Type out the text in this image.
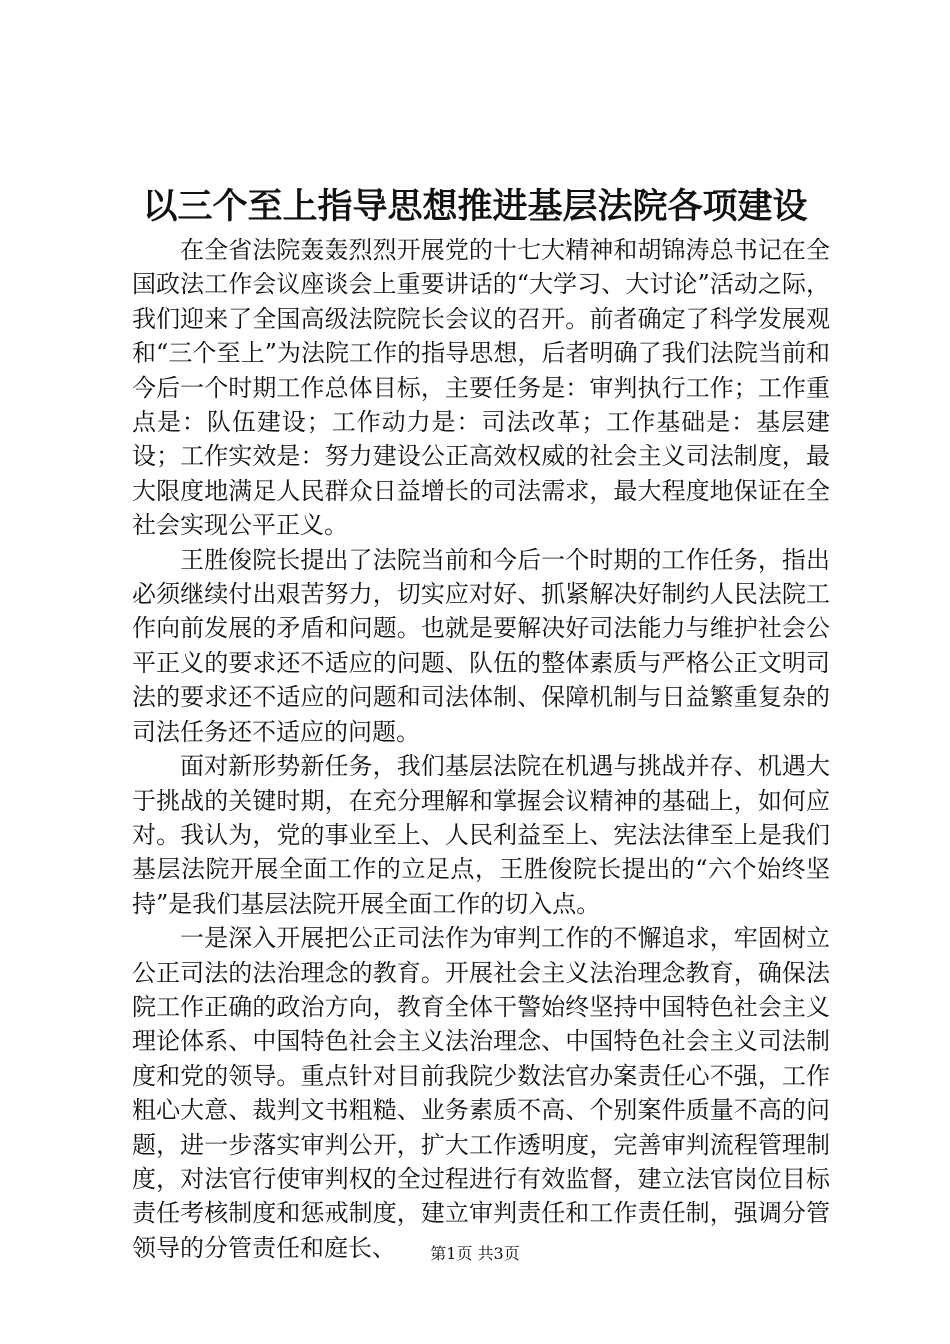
以三个至上指导思想推进基层法院各项建设

在全省法院轰轰烈烈开展党的十七大精神和胡锦涛总书记在全国政法工作会议座谈会上重要讲话的“大学习、大讨论”活动之际，我们迎来了全国高级法院院长会议的召开。前者确定了科学发展观和“三个至上”为法院工作的指导思想，后者明确了我们法院当前和今后一个时期工作总体目标，主要任务是：审判执行工作；工作重点是：队伍建设；工作动力是：司法改革；工作基础是：基层建设；工作实效是：努力建设公正高效权威的社会主义司法制度，最大限度地满足人民群众日益增长的司法需求，最大程度地保证在全社会实现公平正义。

王胜俊院长提出了法院当前和今后一个时期的工作任务，指出必须继续付出艰苦努力，切实应对好、抓紧解决好制约人民法院工作向前发展的矛盾和问题。也就是要解决好司法能力与维护社会公平正义的要求还不适应的问题、队伍的整体素质与严格公正文明司法的要求还不适应的问题和司法体制、保障机制与日益繁重复杂的司法任务还不适应的问题。

面对新形势新任务，我们基层法院在机遇与挑战并存、机遇大于挑战的关键时期，在充分理解和掌握会议精神的基础上，如何应对。我认为，党的事业至上、人民利益至上、宪法法律至上是我们基层法院开展全面工作的立足点，王胜俊院长提出的“六个始终坚持”是我们基层法院开展全面工作的切入点。

一是深入开展把公正司法作为审判工作的不懈追求，牢固树立公正司法的法治理念的教育。开展社会主义法治理念教育，确保法院工作正确的政治方向，教育全体干警始终坚持中国特色社会主义理论体系、中国特色社会主义法治理念、中国特色社会主义司法制度和党的领导。重点针对目前我院少数法官办案责任心不强，工作粗心大意、裁判文书粗糙、业务素质不高、个别案件质量不高的问题，进一步落实审判公开，扩大工作透明度，完善审判流程管理制度，对法官行使审判权的全过程进行有效监督，建立法官岗位目标责任考核制度和惩戒制度，建立审判责任和工作责任制，强调分管领导的分管责任和庭长、	第1页 共3页
